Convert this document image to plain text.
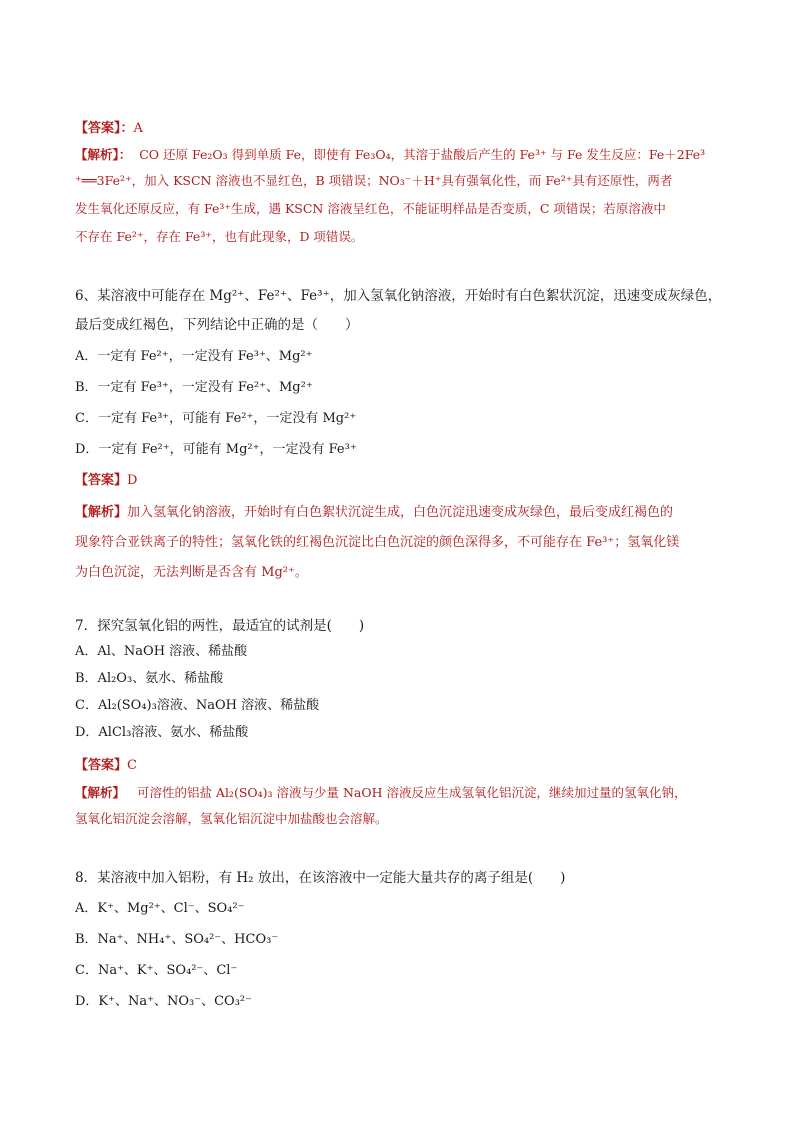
【答案】：A
【解析】： CO 还原 Fe₂O₃ 得到单质 Fe，即使有 Fe₃O₄，其溶于盐酸后产生的 Fe³⁺ 与 Fe 发生反应：Fe＋2Fe³
⁺══3Fe²⁺，加入 KSCN 溶液也不显红色，B 项错误；NO₃⁻＋H⁺具有强氧化性，而 Fe²⁺具有还原性，两者
发生氧化还原反应，有 Fe³⁺生成，遇 KSCN 溶液呈红色，不能证明样品是否变质，C 项错误；若原溶液中
不存在 Fe²⁺，存在 Fe³⁺，也有此现象，D 项错误。
6、某溶液中可能存在 Mg²⁺、Fe²⁺、Fe³⁺，加入氢氧化钠溶液，开始时有白色絮状沉淀，迅速变成灰绿色，
最后变成红褐色，下列结论中正确的是（　　）
A．一定有 Fe²⁺，一定没有 Fe³⁺、Mg²⁺
B．一定有 Fe³⁺，一定没有 Fe²⁺、Mg²⁺
C．一定有 Fe³⁺，可能有 Fe²⁺，一定没有 Mg²⁺
D．一定有 Fe²⁺，可能有 Mg²⁺，一定没有 Fe³⁺
【答案】D
【解析】加入氢氧化钠溶液，开始时有白色絮状沉淀生成，白色沉淀迅速变成灰绿色，最后变成红褐色的
现象符合亚铁离子的特性；氢氧化铁的红褐色沉淀比白色沉淀的颜色深得多，不可能存在 Fe³⁺；氢氧化镁
为白色沉淀，无法判断是否含有 Mg²⁺。
7．探究氢氧化铝的两性，最适宜的试剂是(　　)
A．Al、NaOH 溶液、稀盐酸
B．Al₂O₃、氨水、稀盐酸
C．Al₂(SO₄)₃溶液、NaOH 溶液、稀盐酸
D．AlCl₃溶液、氨水、稀盐酸
【答案】C
【解析】 可溶性的铝盐 Al₂(SO₄)₃ 溶液与少量 NaOH 溶液反应生成氢氧化铝沉淀，继续加过量的氢氧化钠，
氢氧化铝沉淀会溶解，氢氧化铝沉淀中加盐酸也会溶解。
8．某溶液中加入铝粉，有 H₂ 放出，在该溶液中一定能大量共存的离子组是(　　)
A．K⁺、Mg²⁺、Cl⁻、SO₄²⁻
B．Na⁺、NH₄⁺、SO₄²⁻、HCO₃⁻
C．Na⁺、K⁺、SO₄²⁻、Cl⁻
D．K⁺、Na⁺、NO₃⁻、CO₃²⁻
